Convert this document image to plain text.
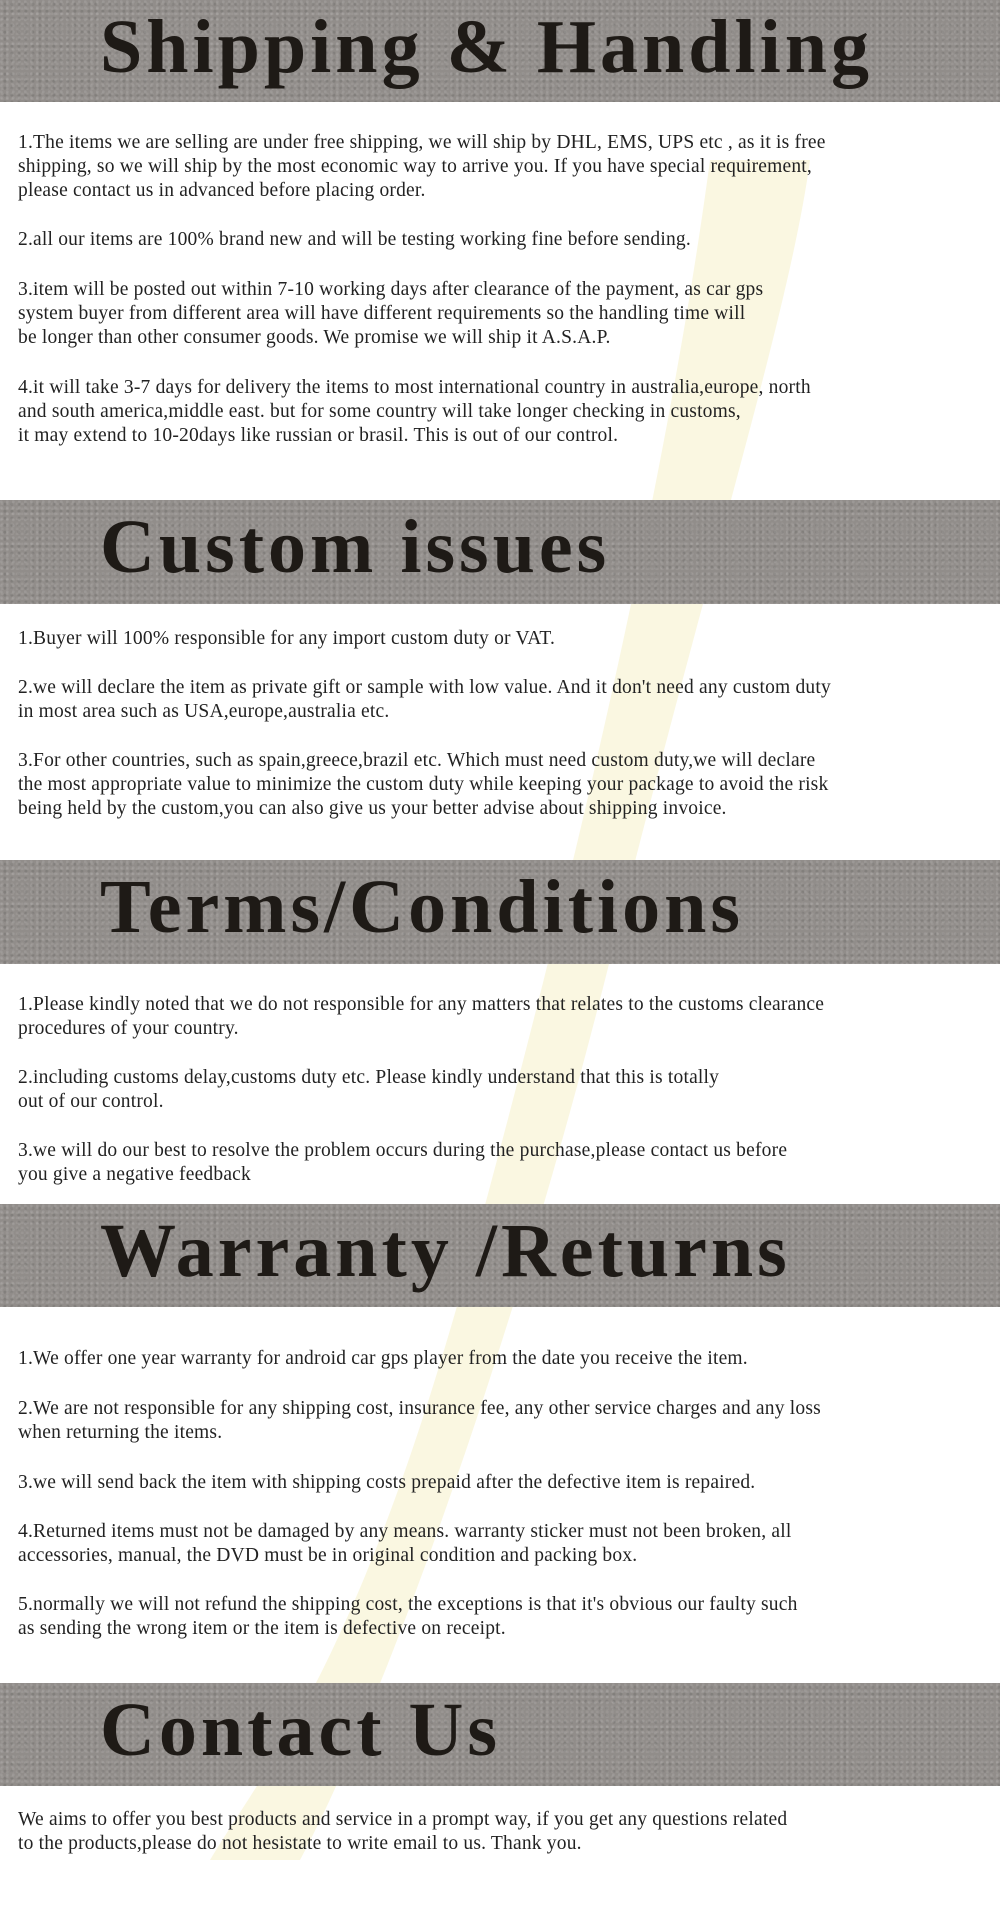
Shipping & Handling

1.The items we are selling are under free shipping, we will ship by DHL, EMS, UPS etc , as it is free
shipping, so we will ship by the most economic way to arrive you. If you have special requirement,
please contact us in advanced before placing order.

2.all our items are 100% brand new and will be testing working fine before sending.

3.item will be posted out within 7-10 working days after clearance of the payment, as car gps
system buyer from different area will have different requirements so the handling time will
be longer than other consumer goods. We promise we will ship it A.S.A.P.

4.it will take 3-7 days for delivery the items to most international country in australia,europe, north
and south america,middle east. but for some country will take longer checking in customs,
it may extend to 10-20days like russian or brasil. This is out of our control.

Custom issues

1.Buyer will 100% responsible for any import custom duty or VAT.

2.we will declare the item as private gift or sample with low value. And it don't need any custom duty
in most area such as USA,europe,australia etc.

3.For other countries, such as spain,greece,brazil etc. Which must need custom duty,we will declare
the most appropriate value to minimize the custom duty while keeping your package to avoid the risk
being held by the custom,you can also give us your better advise about shipping invoice.

Terms/Conditions

1.Please kindly noted that we do not responsible for any matters that relates to the customs clearance
procedures of your country.

2.including customs delay,customs duty etc. Please kindly understand that this is totally
out of our control.

3.we will do our best to resolve the problem occurs during the purchase,please contact us before
you give a negative feedback

Warranty /Returns

1.We offer one year warranty for android car gps player from the date you receive the item.

2.We are not responsible for any shipping cost, insurance fee, any other service charges and any loss
when returning the items.

3.we will send back the item with shipping costs prepaid after the defective item is repaired.

4.Returned items must not be damaged by any means. warranty sticker must not been broken, all
accessories, manual, the DVD must be in original condition and packing box.

5.normally we will not refund the shipping cost, the exceptions is that it's obvious our faulty such
as sending the wrong item or the item is defective on receipt.

Contact Us

We aims to offer you best products and service in a prompt way, if you get any questions related
to the products,please do not hesistate to write email to us. Thank you.
